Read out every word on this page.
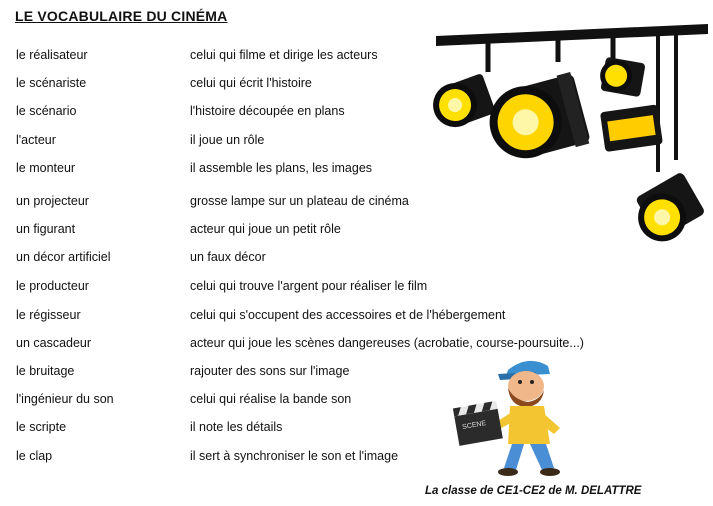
LE VOCABULAIRE DU CINÉMA
le réalisateur	celui qui filme et dirige les acteurs
le scénariste	celui qui écrit l'histoire
le scénario	l'histoire découpée en plans
l'acteur	il joue un rôle
le monteur	il assemble les plans, les images
un projecteur	grosse lampe sur un plateau de cinéma
un figurant	acteur qui joue un petit rôle
un décor artificiel	un faux décor
le producteur	celui qui trouve l'argent pour réaliser le film
le régisseur	celui qui s'occupent des accessoires et de l'hébergement
un cascadeur	acteur qui joue les scènes dangereuses (acrobatie, course-poursuite...)
le bruitage	rajouter des sons sur l'image
l'ingénieur du son	celui qui réalise la bande son
le scripte	il note les détails
le clap	il sert à synchroniser le son et l'image
SCENE
La classe de CE1-CE2 de M. DELATTRE
